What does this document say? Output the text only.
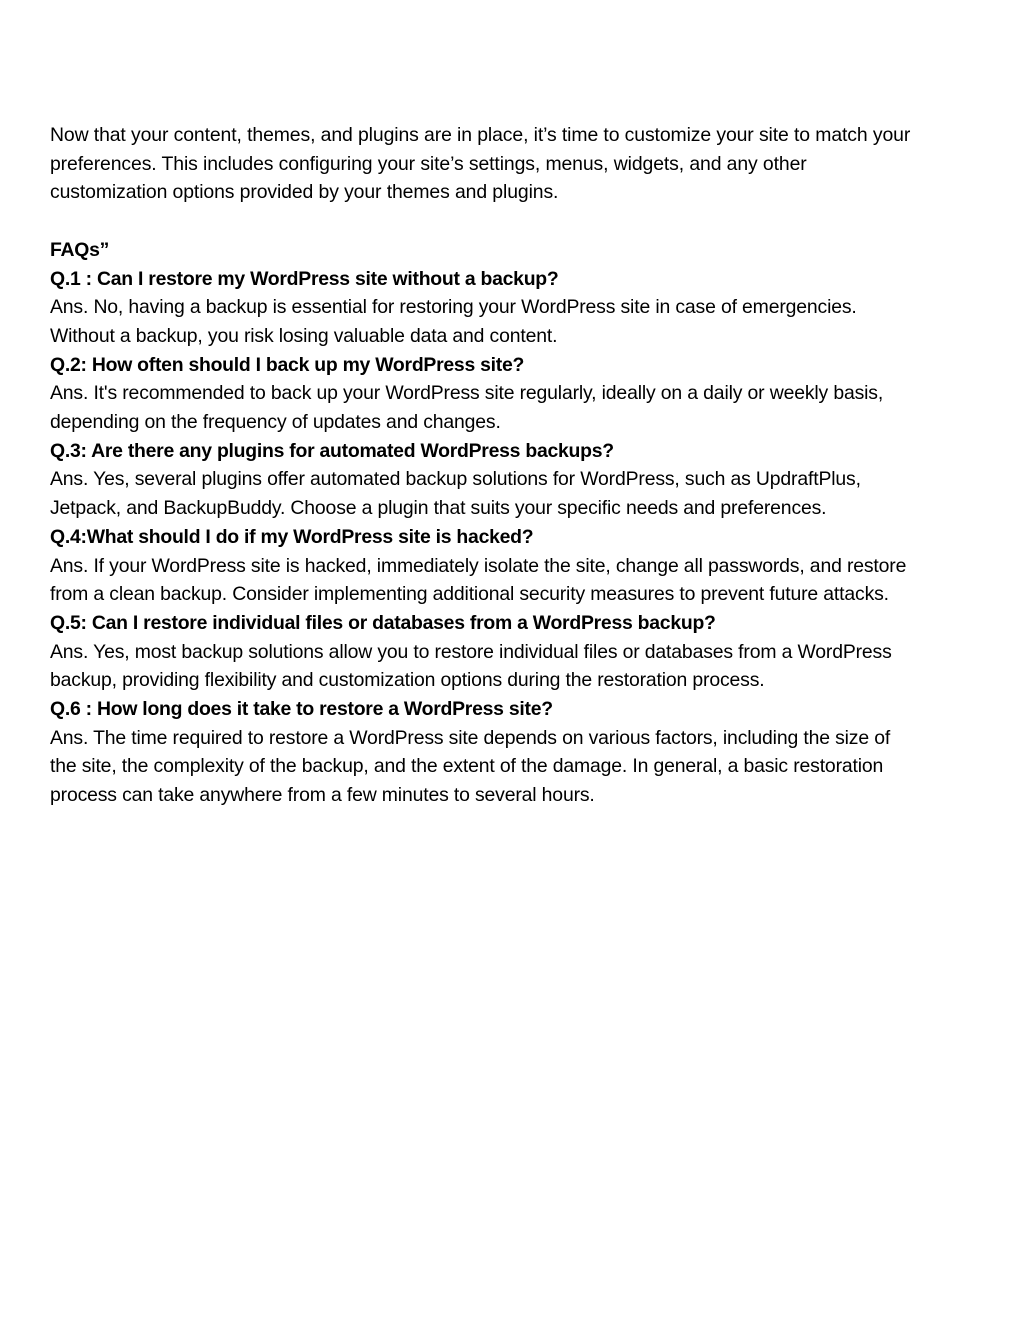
Now that your content, themes, and plugins are in place, it’s time to customize your site to match your preferences. This includes configuring your site’s settings, menus, widgets, and any other customization options provided by your themes and plugins.

FAQs”

Q.1 : Can I restore my WordPress site without a backup?

Ans. No, having a backup is essential for restoring your WordPress site in case of emergencies. Without a backup, you risk losing valuable data and content.

Q.2: How often should I back up my WordPress site?

Ans. It's recommended to back up your WordPress site regularly, ideally on a daily or weekly basis, depending on the frequency of updates and changes.

Q.3: Are there any plugins for automated WordPress backups?

Ans. Yes, several plugins offer automated backup solutions for WordPress, such as UpdraftPlus, Jetpack, and BackupBuddy. Choose a plugin that suits your specific needs and preferences.

Q.4:What should I do if my WordPress site is hacked?

Ans. If your WordPress site is hacked, immediately isolate the site, change all passwords, and restore from a clean backup. Consider implementing additional security measures to prevent future attacks.

Q.5: Can I restore individual files or databases from a WordPress backup?

Ans. Yes, most backup solutions allow you to restore individual files or databases from a WordPress backup, providing flexibility and customization options during the restoration process.

Q.6 : How long does it take to restore a WordPress site?

Ans. The time required to restore a WordPress site depends on various factors, including the size of the site, the complexity of the backup, and the extent of the damage. In general, a basic restoration process can take anywhere from a few minutes to several hours.
